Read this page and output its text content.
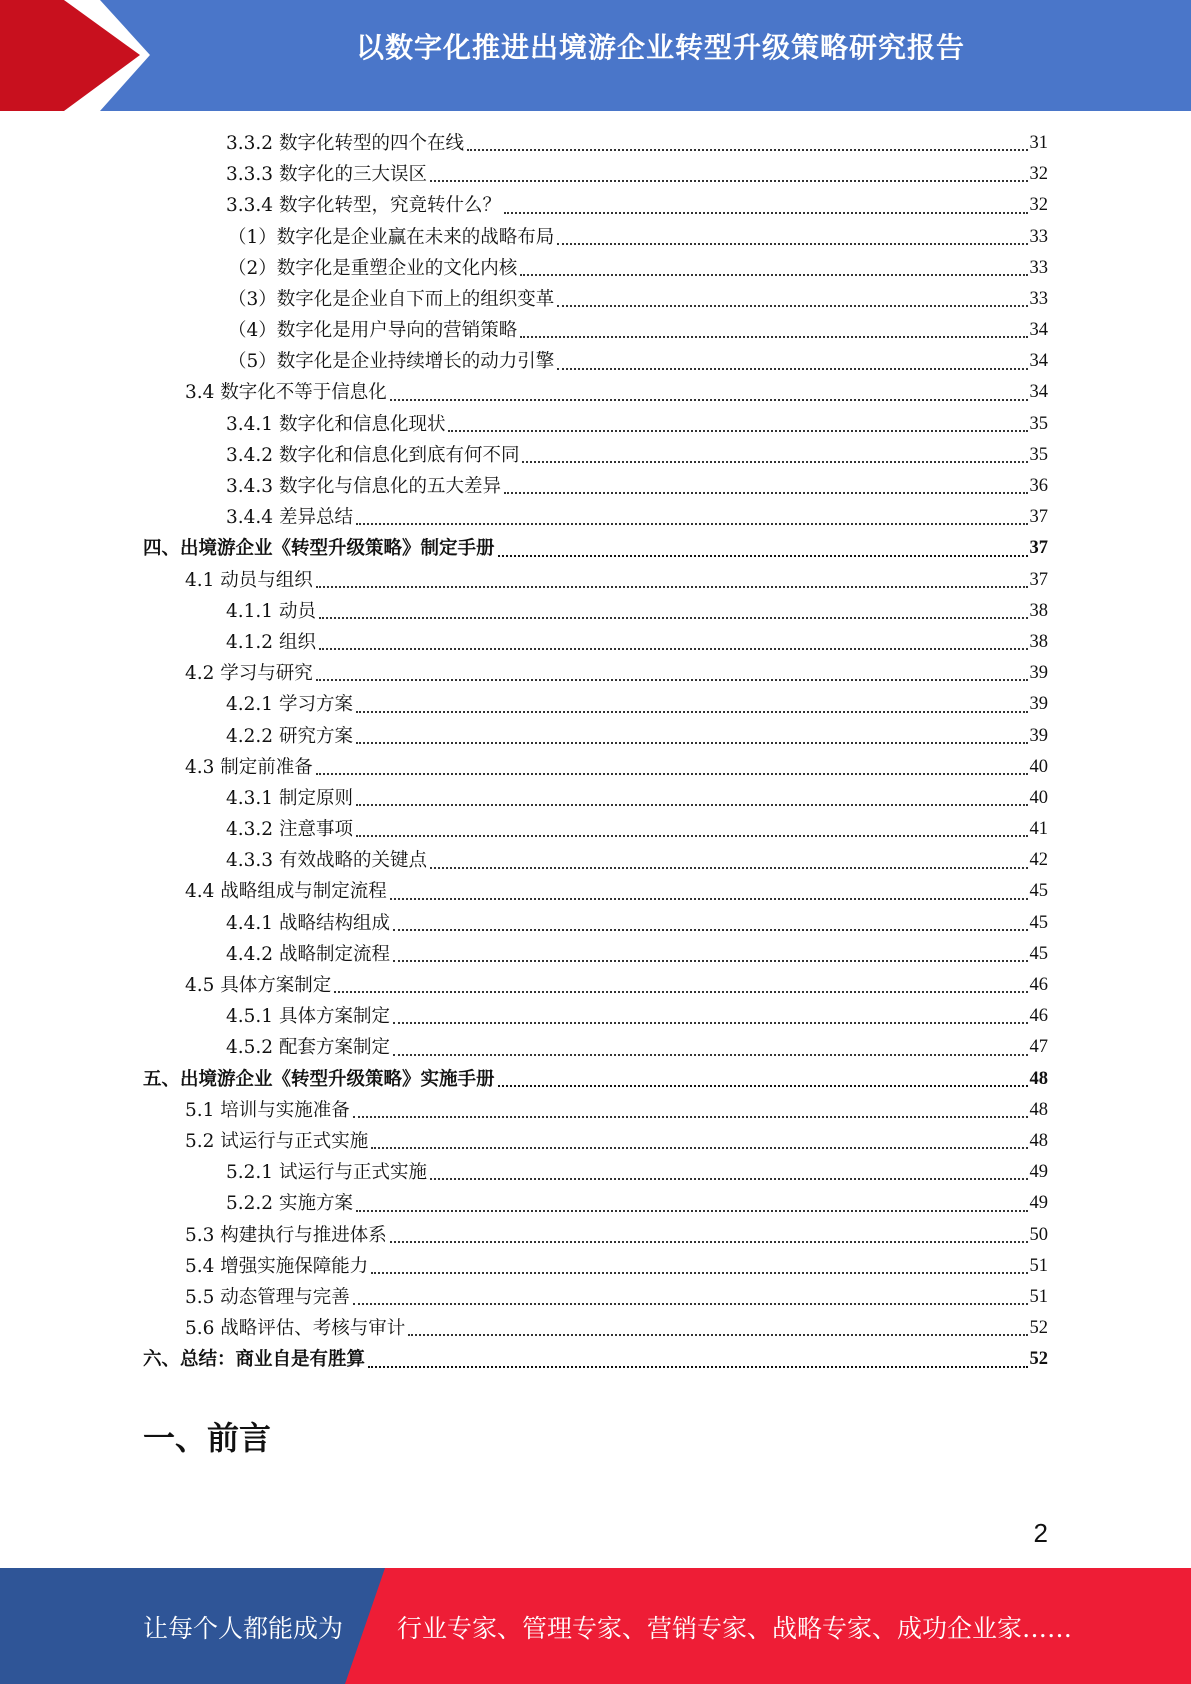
以数字化推进出境游企业转型升级策略研究报告
3.3.2 数字化转型的四个在线	31
3.3.3 数字化的三大误区	32
3.3.4 数字化转型，究竟转什么？	32
（1）数字化是企业赢在未来的战略布局	33
（2）数字化是重塑企业的文化内核	33
（3）数字化是企业自下而上的组织变革	33
（4）数字化是用户导向的营销策略	34
（5）数字化是企业持续增长的动力引擎	34
3.4 数字化不等于信息化	34
3.4.1 数字化和信息化现状	35
3.4.2 数字化和信息化到底有何不同	35
3.4.3 数字化与信息化的五大差异	36
3.4.4 差异总结	37
四、出境游企业《转型升级策略》制定手册	37
4.1 动员与组织	37
4.1.1 动员	38
4.1.2 组织	38
4.2 学习与研究	39
4.2.1 学习方案	39
4.2.2 研究方案	39
4.3 制定前准备	40
4.3.1 制定原则	40
4.3.2 注意事项	41
4.3.3 有效战略的关键点	42
4.4 战略组成与制定流程	45
4.4.1 战略结构组成	45
4.4.2 战略制定流程	45
4.5 具体方案制定	46
4.5.1 具体方案制定	46
4.5.2 配套方案制定	47
五、出境游企业《转型升级策略》实施手册	48
5.1 培训与实施准备	48
5.2 试运行与正式实施	48
5.2.1 试运行与正式实施	49
5.2.2 实施方案	49
5.3 构建执行与推进体系	50
5.4 增强实施保障能力	51
5.5 动态管理与完善	51
5.6 战略评估、考核与审计	52
六、总结：商业自是有胜算	52
一、前言
2
让每个人都能成为 行业专家、管理专家、营销专家、战略专家、成功企业家……
